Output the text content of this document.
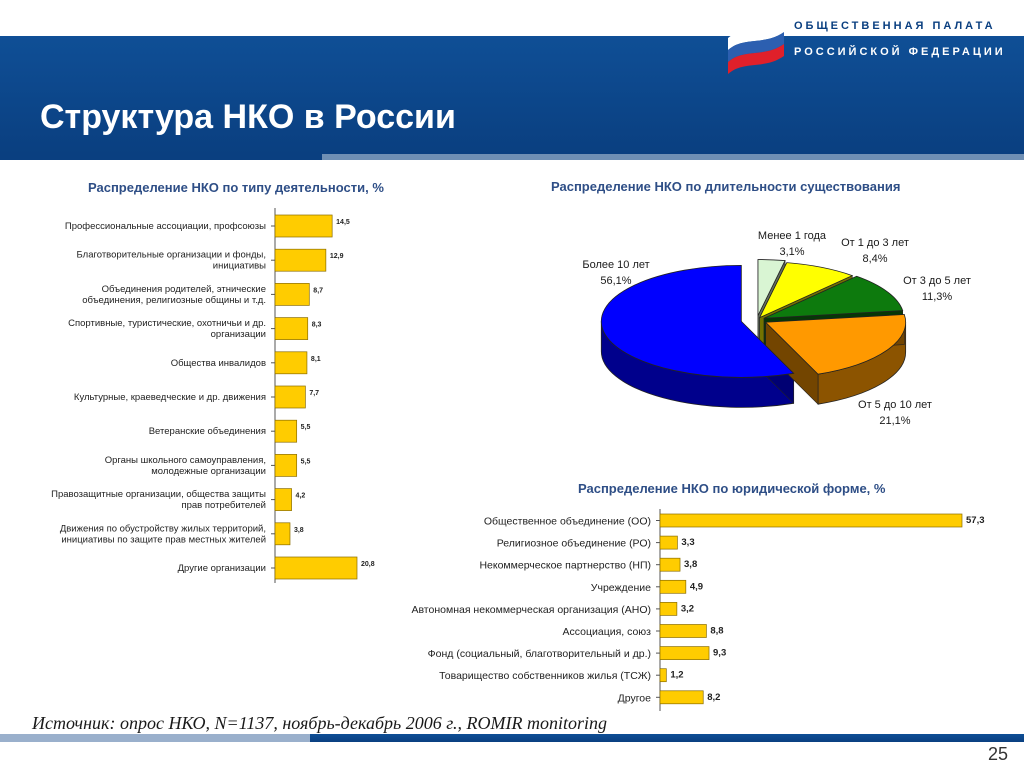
ОБЩЕСТВЕННАЯ ПАЛАТА
РОССИЙСКОЙ ФЕДЕРАЦИИ
Структура НКО в России
Распределение НКО по типу деятельности, %	Распределение НКО по длительности существования
Распределение НКО по юридической форме, %
14,5
Профессиональные ассоциации, профсоюзы
12,9
Благотворительные организации и фонды, инициативы
8,7
Объединения родителей, этнические объединения, религиозные общины и т.д.
8,3
Спортивные, туристические, охотничьи и др. организации
8,1
Общества инвалидов
7,7
Культурные, краеведческие и др. движения
5,5
Ветеранские объединения
5,5
Органы школьного самоуправления, молодежные организации
4,2
Правозащитные организации, общества защиты прав потребителей
3,8
Движения по обустройству жилых территорий, инициативы по защите прав местных жителей
20,8
Другие организации
Менее 1 года
3,1%
От 1 до 3 лет
8,4%
От 3 до 5 лет
11,3%
От 5 до 10 лет
21,1%
Более 10 лет
56,1%
57,3
Общественное объединение (ОО)
3,3
Религиозное объединение (РО)
3,8
Некоммерческое партнерство (НП)
4,9
Учреждение
3,2
Автономная некоммерческая организация (АНО)
8,8
Ассоциация, союз
9,3
Фонд (социальный, благотворительный и др.)
1,2
Товарищество собственников жилья (ТСЖ)
8,2
Другое
Источник: опрос НКО, N=1137, ноябрь-декабрь 2006 г., ROMIR monitoring
25
